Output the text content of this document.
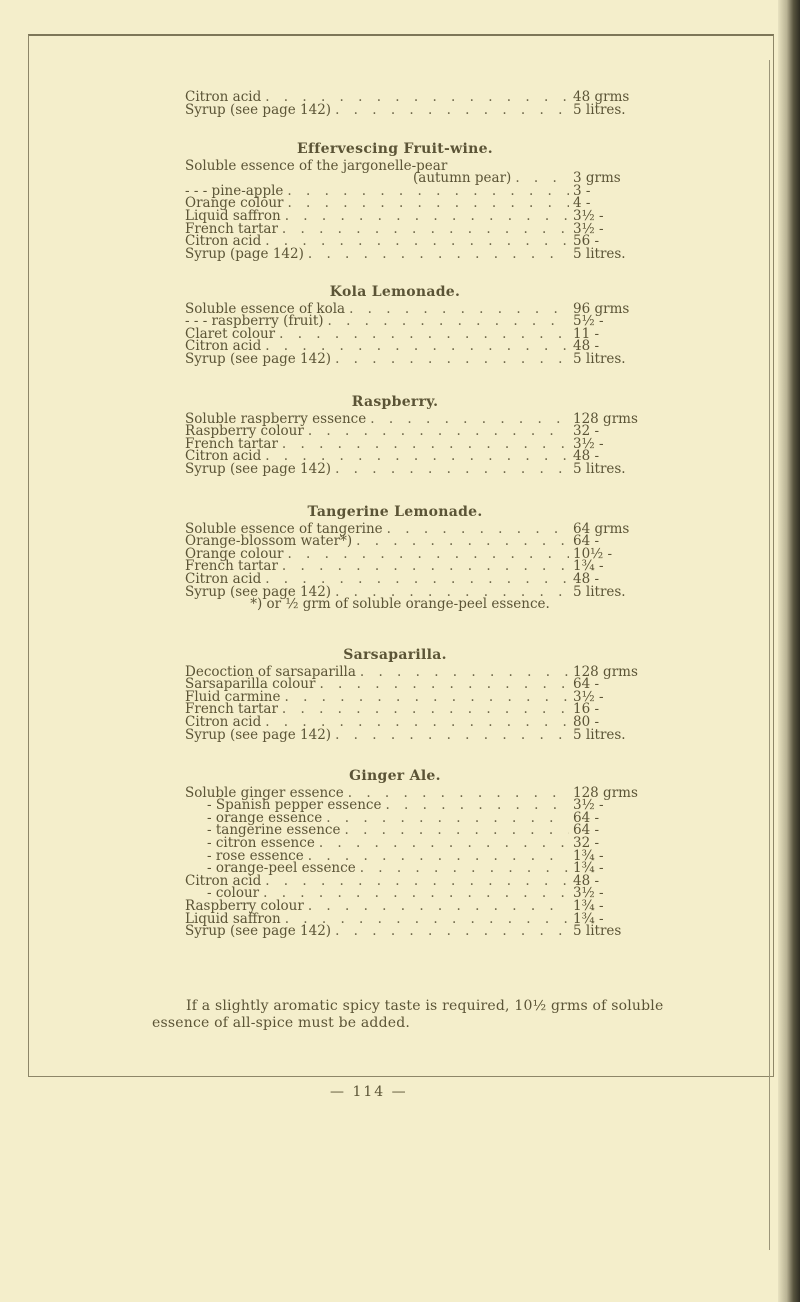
Citron acid . . .	48 grms
Syrup (see page 142) . . .	5 litres.
Effervescing Fruit-wine.
Soluble essence of the jargonelle-pear
(autumn pear) . . .	3 grms
- - - pine-apple . . .	3 -
Orange colour . . .	4 -
Liquid saffron . . .	3½ -
French tartar . . .	3½ -
Citron acid . . .	56 -
Syrup (page 142) . . .	5 litres.
Kola Lemonade.
Soluble essence of kola . . .	96 grms
- - - raspberry (fruit) . . .	5½ -
Claret colour . . .	11 -
Citron acid . . .	48 -
Syrup (see page 142) . . .	5 litres.
Raspberry.
Soluble raspberry essence . . .	128 grms
Raspberry colour . . .	32 -
French tartar . . .	3½ -
Citron acid . . .	48 -
Syrup (see page 142) . . .	5 litres.
Tangerine Lemonade.
Soluble essence of tangerine . . .	64 grms
Orange-blossom water*) . . .	64 -
Orange colour . . .	10½ -
French tartar . . .	1¾ -
Citron acid . . .	48 -
Syrup (see page 142) . . .	5 litres.
*) or ½ grm of soluble orange-peel essence.
Sarsaparilla.
Decoction of sarsaparilla . . .	128 grms
Sarsaparilla colour . . .	64 -
Fluid carmine . . .	3½ -
French tartar . . .	16 -
Citron acid . . .	80 -
Syrup (see page 142) . . .	5 litres.
Ginger Ale.
Soluble ginger essence . . .	128 grms
- Spanish pepper essence . . .	3½ -
- orange essence . . .	64 -
- tangerine essence . . .	64 -
- citron essence . . .	32 -
- rose essence . . .	1¾ -
- orange-peel essence . . .	1¾ -
Citron acid . . .	48 -
- colour . . .	3½ -
Raspberry colour . . .	1¾ -
Liquid saffron . . .	1¾ -
Syrup (see page 142) . . .	5 litres

If a slightly aromatic spicy taste is required, 10½ grms of soluble essence of all-spice must be added.

— 114 —
